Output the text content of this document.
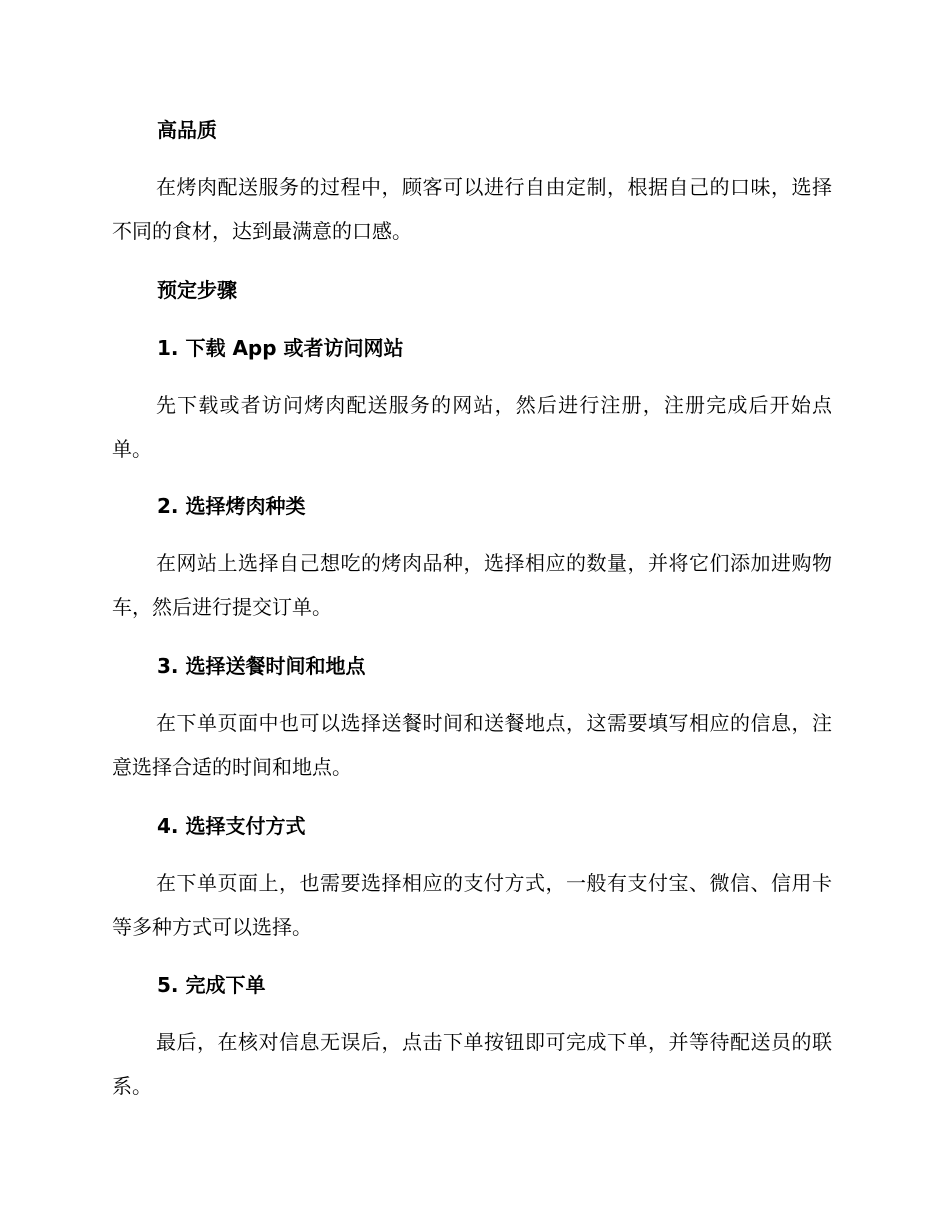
高品质
在烤肉配送服务的过程中，顾客可以进行自由定制，根据自己的口味，选择不同的食材，达到最满意的口感。
预定步骤
1. 下载 App 或者访问网站
先下载或者访问烤肉配送服务的网站，然后进行注册，注册完成后开始点单。
2. 选择烤肉种类
在网站上选择自己想吃的烤肉品种，选择相应的数量，并将它们添加进购物车，然后进行提交订单。
3. 选择送餐时间和地点
在下单页面中也可以选择送餐时间和送餐地点，这需要填写相应的信息，注意选择合适的时间和地点。
4. 选择支付方式
在下单页面上，也需要选择相应的支付方式，一般有支付宝、微信、信用卡等多种方式可以选择。
5. 完成下单
最后，在核对信息无误后，点击下单按钮即可完成下单，并等待配送员的联系。
